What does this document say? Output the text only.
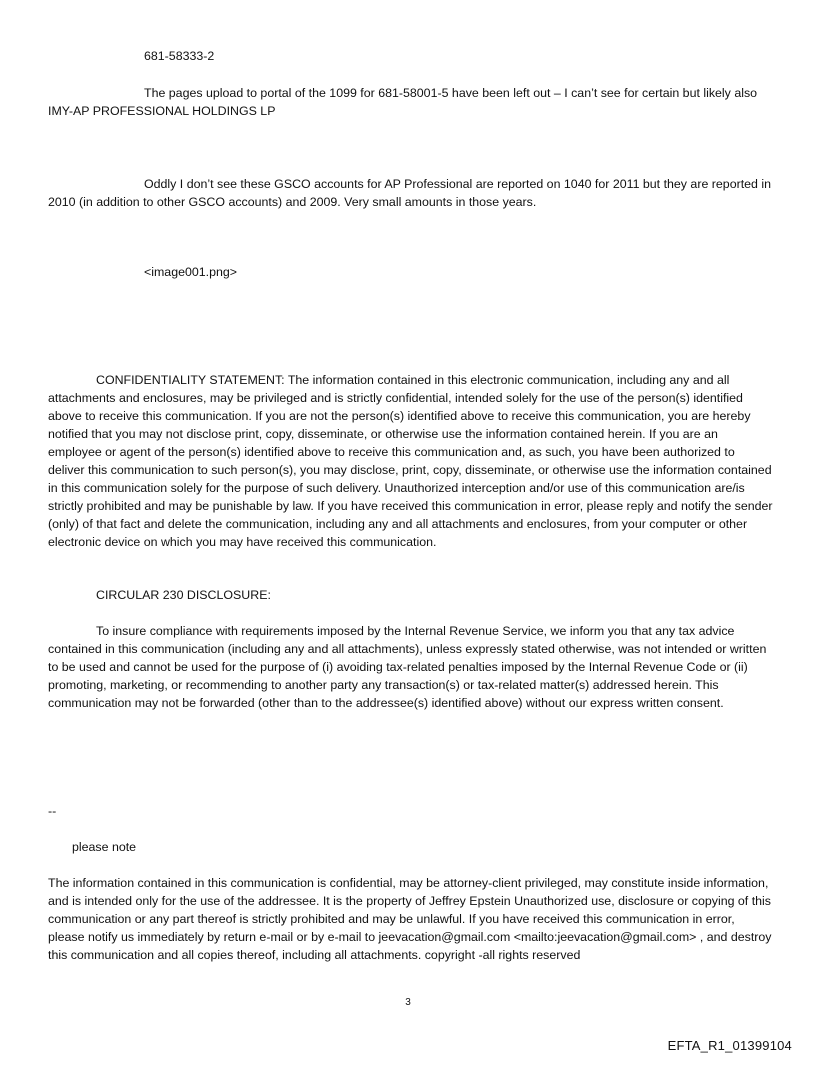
681-58333-2

The pages upload to portal of the 1099 for 681-58001-5 have been left out – I can’t see for certain but likely also IMY-AP PROFESSIONAL HOLDINGS LP

Oddly I don’t see these GSCO accounts for AP Professional are reported on 1040 for 2011 but they are reported in 2010 (in addition to other GSCO accounts) and 2009. Very small amounts in those years.

<image001.png>

CONFIDENTIALITY STATEMENT: The information contained in this electronic communication, including any and all attachments and enclosures, may be privileged and is strictly confidential, intended solely for the use of the person(s) identified above to receive this communication. If you are not the person(s) identified above to receive this communication, you are hereby notified that you may not disclose print, copy, disseminate, or otherwise use the information contained herein. If you are an employee or agent of the person(s) identified above to receive this communication and, as such, you have been authorized to deliver this communication to such person(s), you may disclose, print, copy, disseminate, or otherwise use the information contained in this communication solely for the purpose of such delivery. Unauthorized interception and/or use of this communication are/is strictly prohibited and may be punishable by law. If you have received this communication in error, please reply and notify the sender (only) of that fact and delete the communication, including any and all attachments and enclosures, from your computer or other electronic device on which you may have received this communication.

CIRCULAR 230 DISCLOSURE:

To insure compliance with requirements imposed by the Internal Revenue Service, we inform you that any tax advice contained in this communication (including any and all attachments), unless expressly stated otherwise, was not intended or written to be used and cannot be used for the purpose of (i) avoiding tax-related penalties imposed by the Internal Revenue Code or (ii) promoting, marketing, or recommending to another party any transaction(s) or tax-related matter(s) addressed herein. This communication may not be forwarded (other than to the addressee(s) identified above) without our express written consent.

--

please note

The information contained in this communication is confidential, may be attorney-client privileged, may constitute inside information, and is intended only for the use of the addressee. It is the property of Jeffrey Epstein Unauthorized use, disclosure or copying of this communication or any part thereof is strictly prohibited and may be unlawful. If you have received this communication in error, please notify us immediately by return e-mail or by e-mail to jeevacation@gmail.com <mailto:jeevacation@gmail.com> , and destroy this communication and all copies thereof, including all attachments. copyright -all rights reserved

3
EFTA_R1_01399104
